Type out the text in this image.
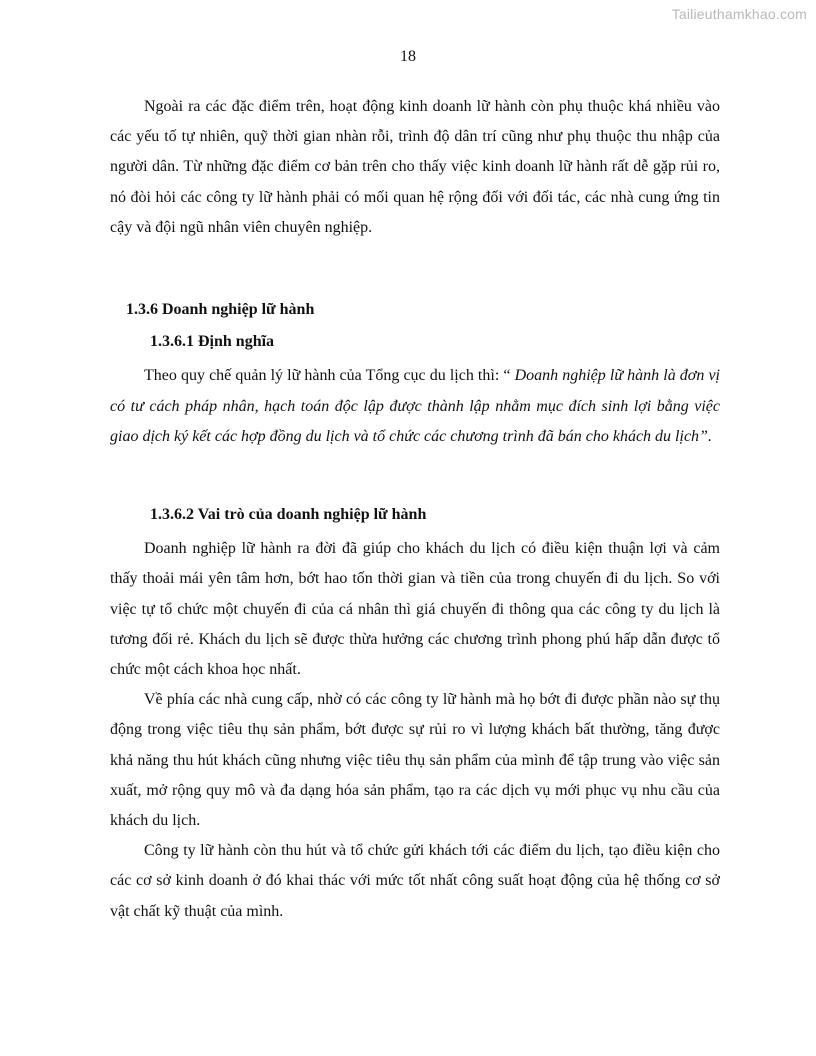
Tailieuthamkhao.com
18

Ngoài ra các đặc điểm trên, hoạt động kinh doanh lữ hành còn phụ thuộc khá nhiều vào các yếu tố tự nhiên, quỹ thời gian nhàn rỗi, trình độ dân trí cũng như phụ thuộc thu nhập của người dân. Từ những đặc điểm cơ bản trên cho thấy việc kinh doanh lữ hành rất dễ gặp rủi ro, nó đòi hỏi các công ty lữ hành phải có mối quan hệ rộng đối với đối tác, các nhà cung ứng tin cậy và đội ngũ nhân viên chuyên nghiệp.

1.3.6 Doanh nghiệp lữ hành

1.3.6.1 Định nghĩa

Theo quy chế quản lý lữ hành của Tổng cục du lịch thì: “ Doanh nghiệp lữ hành là đơn vị có tư cách pháp nhân, hạch toán độc lập được thành lập nhằm mục đích sinh lợi bằng việc giao dịch ký kết các hợp đồng du lịch và tổ chức các chương trình đã bán cho khách du lịch”.

1.3.6.2 Vai trò của doanh nghiệp lữ hành

Doanh nghiệp lữ hành ra đời đã giúp cho khách du lịch có điều kiện thuận lợi và cảm thấy thoải mái yên tâm hơn, bớt hao tốn thời gian và tiền của trong chuyến đi du lịch. So với việc tự tổ chức một chuyến đi của cá nhân thì giá chuyến đi thông qua các công ty du lịch là tương đối rẻ. Khách du lịch sẽ được thừa hưởng các chương trình phong phú hấp dẫn được tổ chức một cách khoa học nhất.

Về phía các nhà cung cấp, nhờ có các công ty lữ hành mà họ bớt đi được phần nào sự thụ động trong việc tiêu thụ sản phẩm, bớt được sự rủi ro vì lượng khách bất thường, tăng được khả năng thu hút khách cũng nhưng việc tiêu thụ sản phẩm của mình để tập trung vào việc sản xuất, mở rộng quy mô và đa dạng hóa sản phẩm, tạo ra các dịch vụ mới phục vụ nhu cầu của khách du lịch.

Công ty lữ hành còn thu hút và tổ chức gửi khách tới các điểm du lịch, tạo điều kiện cho các cơ sở kinh doanh ở đó khai thác với mức tốt nhất công suất hoạt động của hệ thống cơ sở vật chất kỹ thuật của mình.
